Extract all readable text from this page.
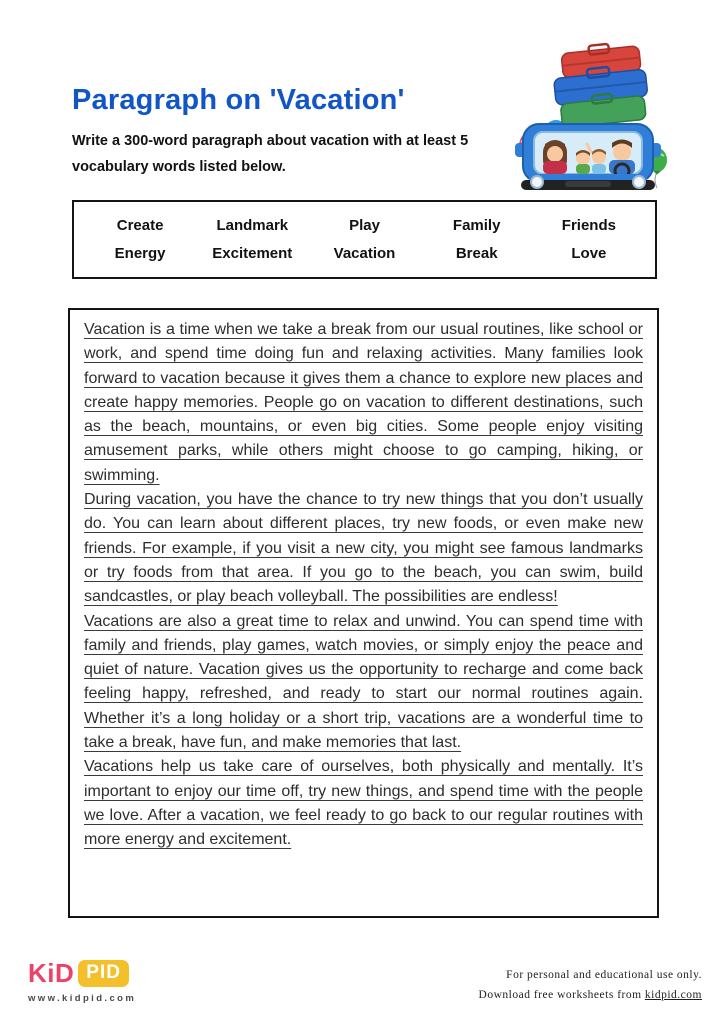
Paragraph on 'Vacation'

Write a 300-word paragraph about vacation with at least 5 vocabulary words listed below.

Create	Landmark	Play	Family	Friends
Energy	Excitement	Vacation	Break	Love

Vacation is a time when we take a break from our usual routines, like school or work, and spend time doing fun and relaxing activities. Many families look forward to vacation because it gives them a chance to explore new places and create happy memories. People go on vacation to different destinations, such as the beach, mountains, or even big cities. Some people enjoy visiting amusement parks, while others might choose to go camping, hiking, or swimming.

During vacation, you have the chance to try new things that you don’t usually do. You can learn about different places, try new foods, or even make new friends. For example, if you visit a new city, you might see famous landmarks or try foods from that area. If you go to the beach, you can swim, build sandcastles, or play beach volleyball. The possibilities are endless!

Vacations are also a great time to relax and unwind. You can spend time with family and friends, play games, watch movies, or simply enjoy the peace and quiet of nature. Vacation gives us the opportunity to recharge and come back feeling happy, refreshed, and ready to start our normal routines again. Whether it’s a long holiday or a short trip, vacations are a wonderful time to take a break, have fun, and make memories that last.

Vacations help us take care of ourselves, both physically and mentally. It’s important to enjoy our time off, try new things, and spend time with the people we love. After a vacation, we feel ready to go back to our regular routines with more energy and excitement.

KiD PID
www.kidpid.com
For personal and educational use only.
Download free worksheets from kidpid.com
